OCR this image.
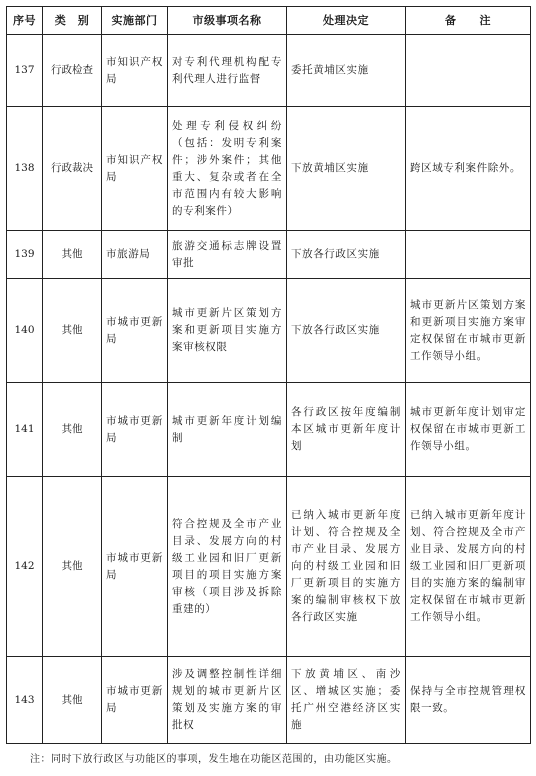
序号	类　别	实施部门	市级事项名称	处理决定	备　　注
137	行政检查	市知识产权局	对专利代理机构配专利代理人进行监督	委托黄埔区实施	
138	行政裁决	市知识产权局	处理专利侵权纠纷（包括：发明专利案件；涉外案件；其他重大、复杂或者在全市范围内有较大影响的专利案件）	下放黄埔区实施	跨区域专利案件除外。
139	其他	市旅游局	旅游交通标志牌设置审批	下放各行政区实施	
140	其他	市城市更新局	城市更新片区策划方案和更新项目实施方案审核权限	下放各行政区实施	城市更新片区策划方案和更新项目实施方案审定权保留在市城市更新工作领导小组。
141	其他	市城市更新局	城市更新年度计划编制	各行政区按年度编制本区城市更新年度计划	城市更新年度计划审定权保留在市城市更新工作领导小组。
142	其他	市城市更新局	符合控规及全市产业目录、发展方向的村级工业园和旧厂更新项目的项目实施方案审核（项目涉及拆除重建的）	已纳入城市更新年度计划、符合控规及全市产业目录、发展方向的村级工业园和旧厂更新项目的实施方案的编制审核权下放各行政区实施	已纳入城市更新年度计划、符合控规及全市产业目录、发展方向的村级工业园和旧厂更新项目的实施方案的编制审定权保留在市城市更新工作领导小组。
143	其他	市城市更新局	涉及调整控制性详细规划的城市更新片区策划及实施方案的审批权	下放黄埔区、南沙区、增城区实施；委托广州空港经济区实施	保持与全市控规管理权限一致。
注：同时下放行政区与功能区的事项，发生地在功能区范围的，由功能区实施。
